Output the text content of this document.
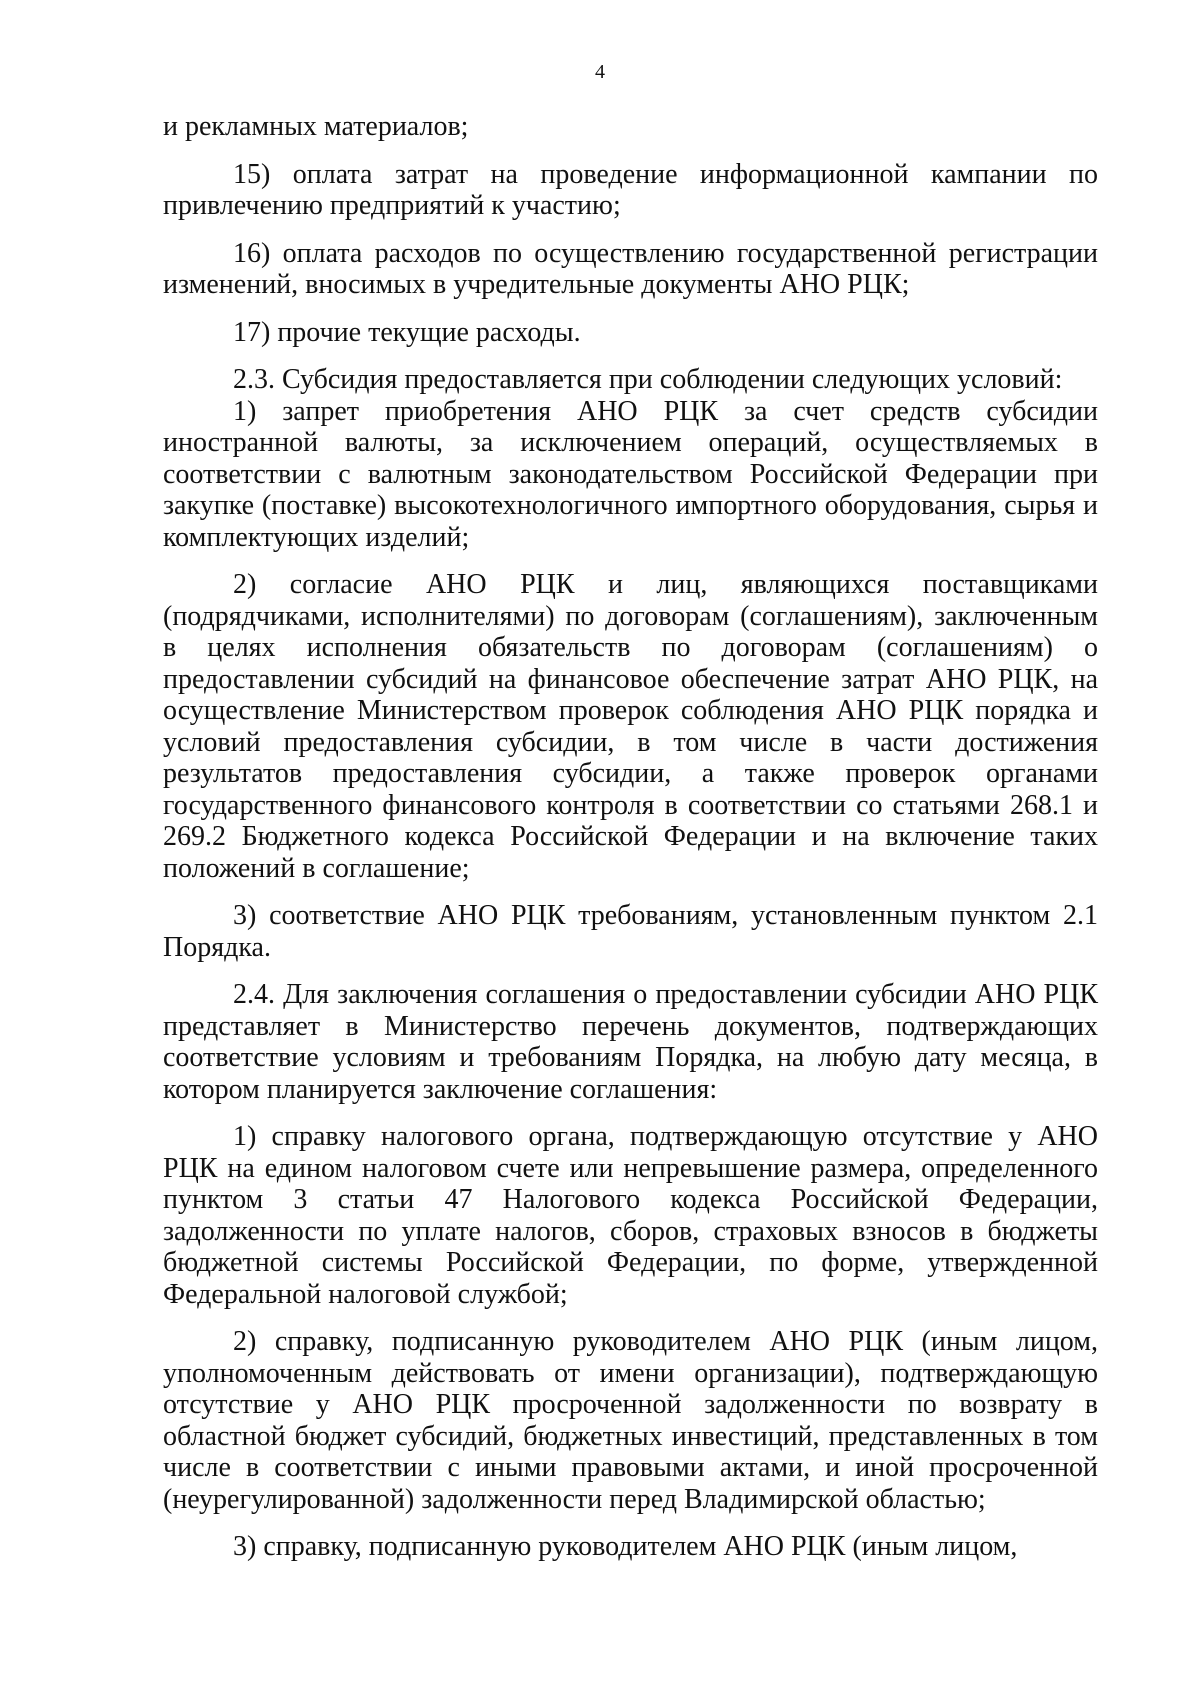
4

и рекламных материалов;

15) оплата затрат на проведение информационной кампании по привлечению предприятий к участию;

16) оплата расходов по осуществлению государственной регистрации изменений, вносимых в учредительные документы АНО РЦК;

17) прочие текущие расходы.

2.3. Субсидия предоставляется при соблюдении следующих условий:

1) запрет приобретения АНО РЦК за счет средств субсидии иностранной валюты, за исключением операций, осуществляемых в соответствии с валютным законодательством Российской Федерации при закупке (поставке) высокотехнологичного импортного оборудования, сырья и комплектующих изделий;

2) согласие АНО РЦК и лиц, являющихся поставщиками (подрядчиками, исполнителями) по договорам (соглашениям), заключенным в целях исполнения обязательств по договорам (соглашениям) о предоставлении субсидий на финансовое обеспечение затрат АНО РЦК, на осуществление Министерством проверок соблюдения АНО РЦК порядка и условий предоставления субсидии, в том числе в части достижения результатов предоставления субсидии, а также проверок органами государственного финансового контроля в соответствии со статьями 268.1 и 269.2 Бюджетного кодекса Российской Федерации и на включение таких положений в соглашение;

3) соответствие АНО РЦК требованиям, установленным пунктом 2.1 Порядка.

2.4. Для заключения соглашения о предоставлении субсидии АНО РЦК представляет в Министерство перечень документов, подтверждающих соответствие условиям и требованиям Порядка, на любую дату месяца, в котором планируется заключение соглашения:

1) справку налогового органа, подтверждающую отсутствие у АНО РЦК на едином налоговом счете или непревышение размера, определенного пунктом 3 статьи 47 Налогового кодекса Российской Федерации, задолженности по уплате налогов, сборов, страховых взносов в бюджеты бюджетной системы Российской Федерации, по форме, утвержденной Федеральной налоговой службой;

2) справку, подписанную руководителем АНО РЦК (иным лицом, уполномоченным действовать от имени организации), подтверждающую отсутствие у АНО РЦК просроченной задолженности по возврату в областной бюджет субсидий, бюджетных инвестиций, представленных в том числе в соответствии с иными правовыми актами, и иной просроченной (неурегулированной) задолженности перед Владимирской областью;

3) справку, подписанную руководителем АНО РЦК (иным лицом,
